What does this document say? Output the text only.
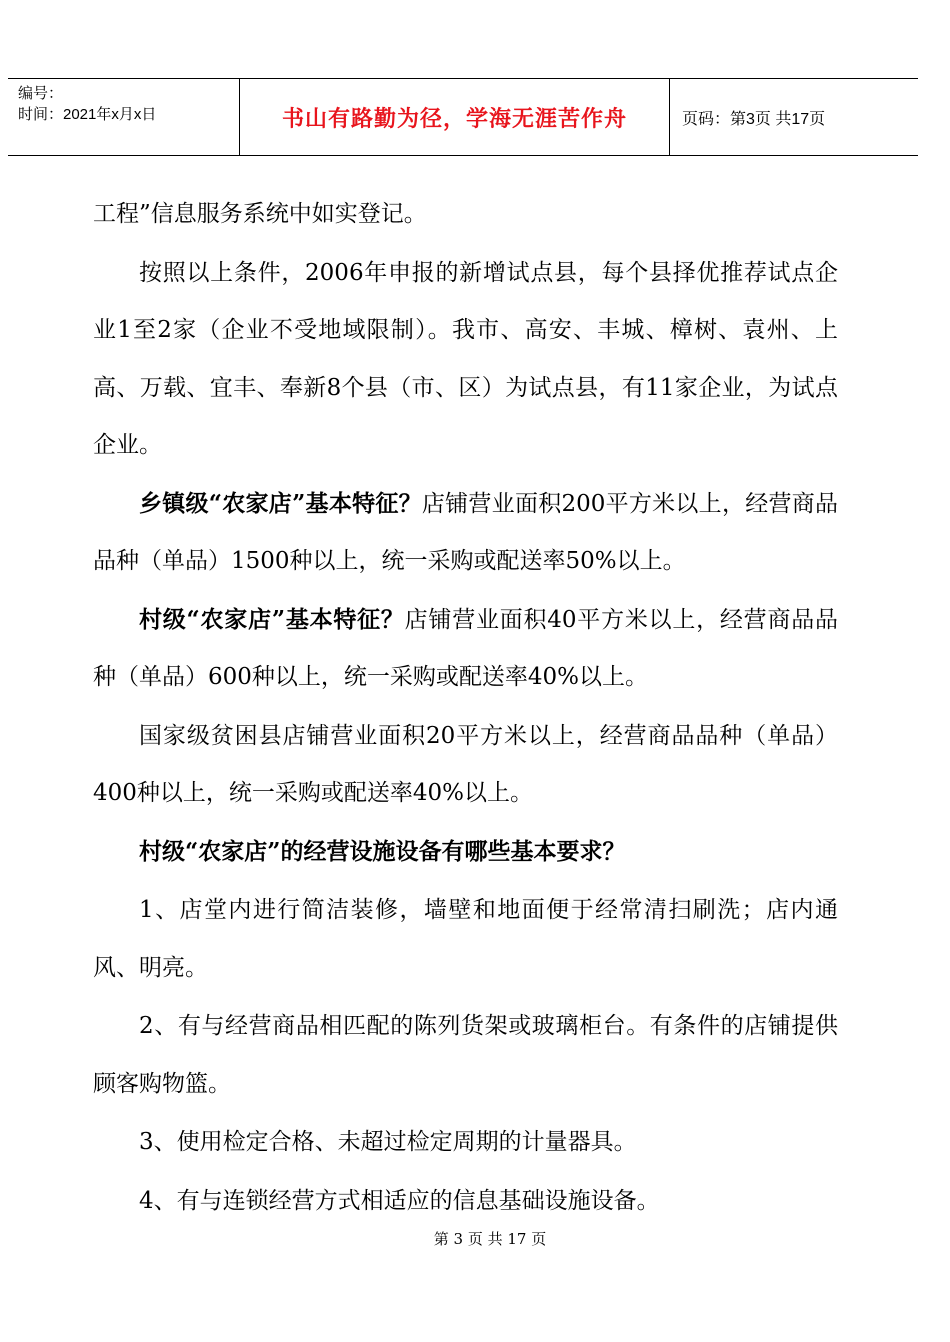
编号：
时间：2021年x月x日	书山有路勤为径，学海无涯苦作舟	页码：第3页 共17页

工程”信息服务系统中如实登记。

按照以上条件，2006年申报的新增试点县，每个县择优推荐试点企业1至2家（企业不受地域限制）。我市、高安、丰城、樟树、袁州、上高、万载、宜丰、奉新8个县（市、区）为试点县，有11家企业，为试点企业。

乡镇级“农家店”基本特征？店铺营业面积200平方米以上，经营商品品种（单品）1500种以上，统一采购或配送率50%以上。

村级“农家店”基本特征？店铺营业面积40平方米以上，经营商品品种（单品）600种以上，统一采购或配送率40%以上。

国家级贫困县店铺营业面积20平方米以上，经营商品品种（单品）400种以上，统一采购或配送率40%以上。

村级“农家店”的经营设施设备有哪些基本要求？

1、店堂内进行简洁装修，墙壁和地面便于经常清扫刷洗；店内通风、明亮。

2、有与经营商品相匹配的陈列货架或玻璃柜台。有条件的店铺提供顾客购物篮。

3、使用检定合格、未超过检定周期的计量器具。

4、有与连锁经营方式相适应的信息基础设施设备。

第 3 页 共 17 页
